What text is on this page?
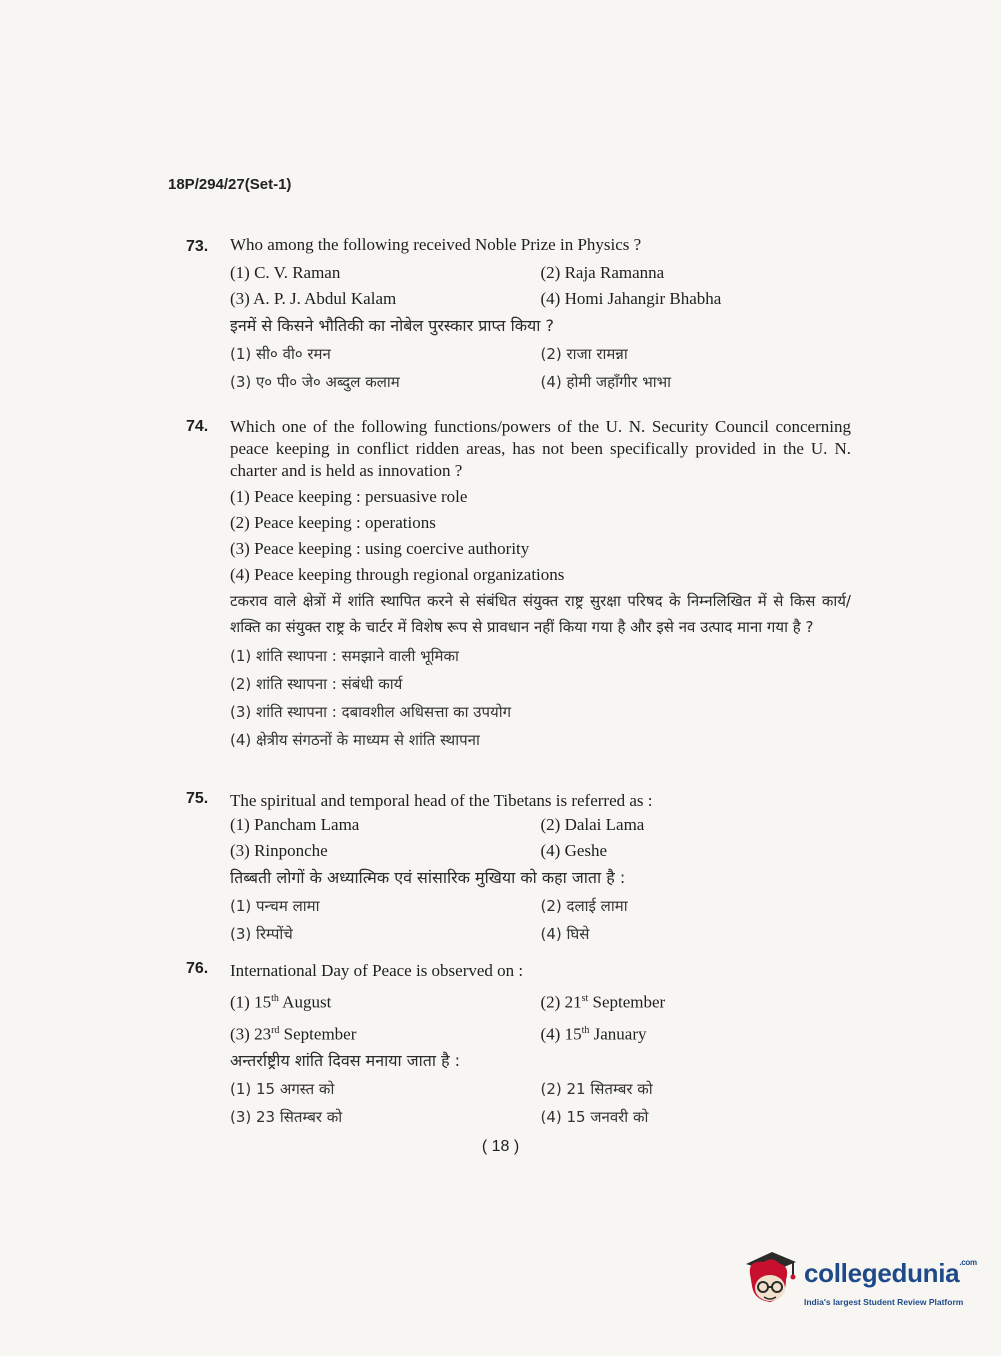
18P/294/27(Set-1)
73. Who among the following received Noble Prize in Physics ?
(1) C. V. Raman	(2) Raja Ramanna
(3) A. P. J. Abdul Kalam	(4) Homi Jahangir Bhabha
इनमें से किसने भौतिकी का नोबेल पुरस्कार प्राप्त किया ?
(1) सी० वी० रमन	(2) राजा रामन्ना
(3) ए० पी० जे० अब्दुल कलाम	(4) होमी जहाँगीर भाभा
74. Which one of the following functions/powers of the U. N. Security Council concerning peace keeping in conflict ridden areas, has not been specifically provided in the U. N. charter and is held as innovation ?
(1) Peace keeping : persuasive role
(2) Peace keeping : operations
(3) Peace keeping : using coercive authority
(4) Peace keeping through regional organizations
टकराव वाले क्षेत्रों में शांति स्थापित करने से संबंधित संयुक्त राष्ट्र सुरक्षा परिषद के निम्नलिखित में से किस कार्य/शक्ति का संयुक्त राष्ट्र के चार्टर में विशेष रूप से प्रावधान नहीं किया गया है और इसे नव उत्पाद माना गया है ?
(1) शांति स्थापना : समझाने वाली भूमिका
(2) शांति स्थापना : संबंधी कार्य
(3) शांति स्थापना : दबावशील अधिसत्ता का उपयोग
(4) क्षेत्रीय संगठनों के माध्यम से शांति स्थापना
75. The spiritual and temporal head of the Tibetans is referred as :
(1) Pancham Lama	(2) Dalai Lama
(3) Rinponche	(4) Geshe
तिब्बती लोगों के अध्यात्मिक एवं सांसारिक मुखिया को कहा जाता है :
(1) पन्चम लामा	(2) दलाई लामा
(3) रिम्पोंचे	(4) घिसे
76. International Day of Peace is observed on :
(1) 15th August	(2) 21st September
(3) 23rd September	(4) 15th January
अन्तर्राष्ट्रीय शांति दिवस मनाया जाता है :
(1) 15 अगस्त को	(2) 21 सितम्बर को
(3) 23 सितम्बर को	(4) 15 जनवरी को
( 18 )
collegedunia$^{.com}$
India's largest Student Review Platform
